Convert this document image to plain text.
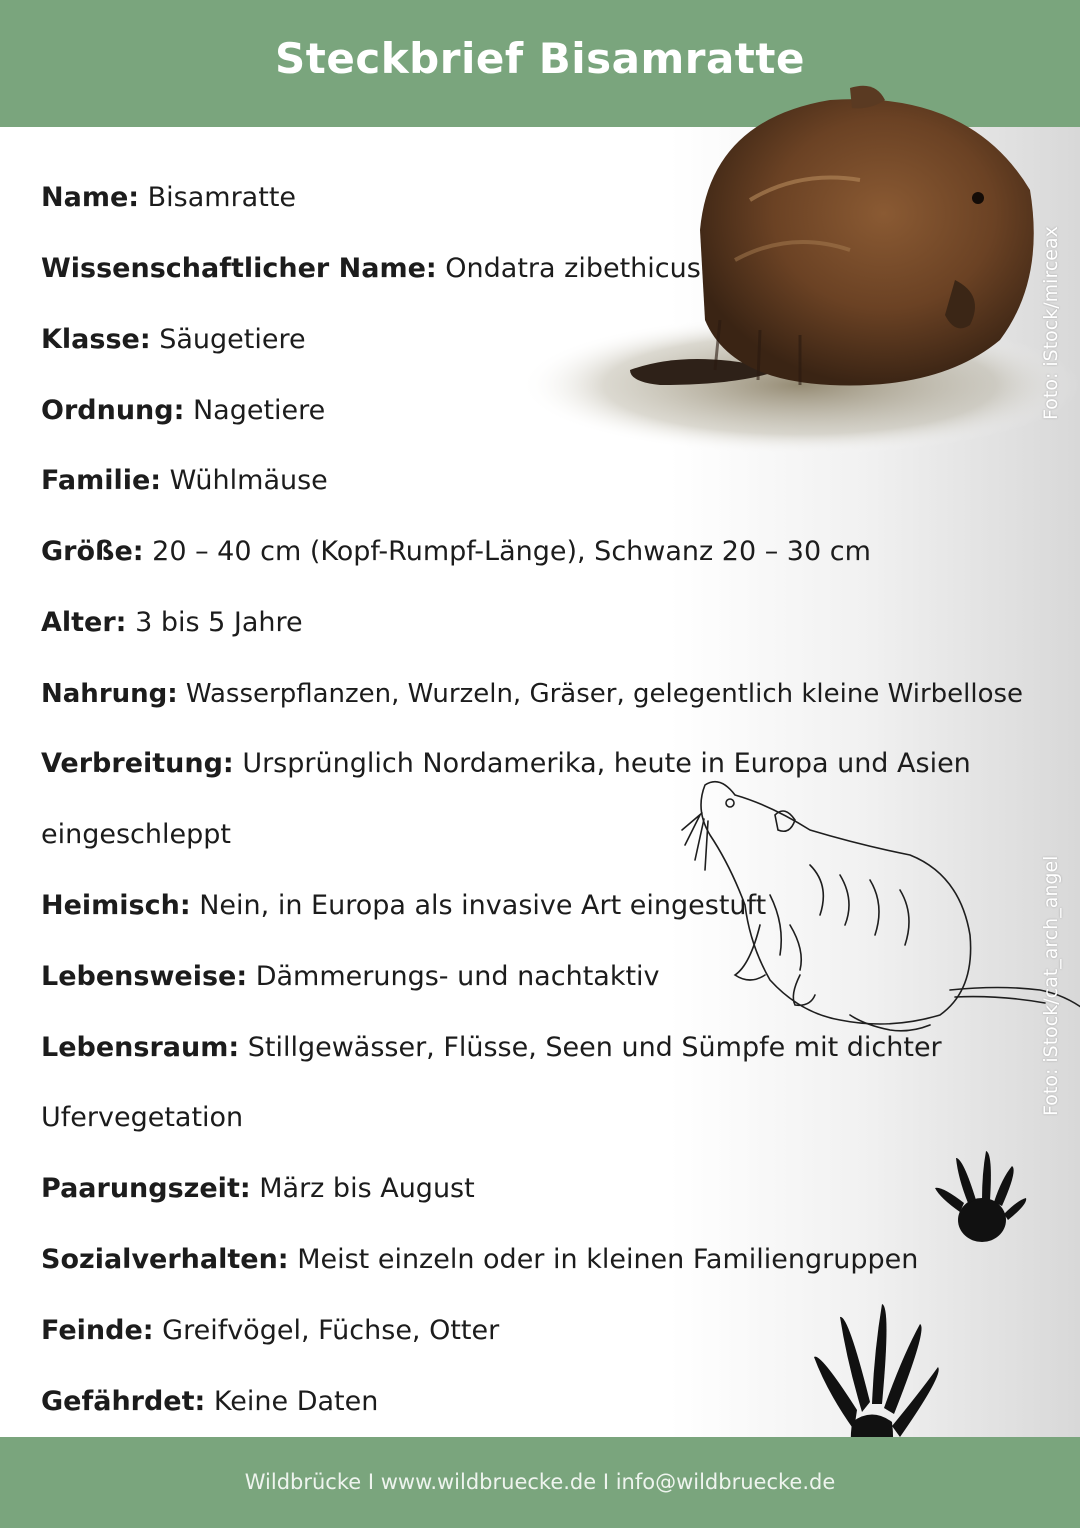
Steckbrief Bisamratte
Foto: iStock/mirceax
Name: Bisamratte
Wissenschaftlicher Name: Ondatra zibethicus
Klasse: Säugetiere
Ordnung: Nagetiere
Familie: Wühlmäuse
Größe: 20 – 40 cm (Kopf-Rumpf-Länge), Schwanz 20 – 30 cm
Alter: 3 bis 5 Jahre
Nahrung: Wasserpflanzen, Wurzeln, Gräser, gelegentlich kleine Wirbellose
Verbreitung: Ursprünglich Nordamerika, heute in Europa und Asien
eingeschleppt
Heimisch: Nein, in Europa als invasive Art eingestuft
Lebensweise: Dämmerungs- und nachtaktiv
Lebensraum: Stillgewässer, Flüsse, Seen und Sümpfe mit dichter
Ufervegetation
Paarungszeit: März bis August
Sozialverhalten: Meist einzeln oder in kleinen Familiengruppen
Feinde: Greifvögel, Füchse, Otter
Gefährdet: Keine Daten
Foto: iStock/cat_arch_angel
Wildbrücke I www.wildbruecke.de I info@wildbruecke.de
